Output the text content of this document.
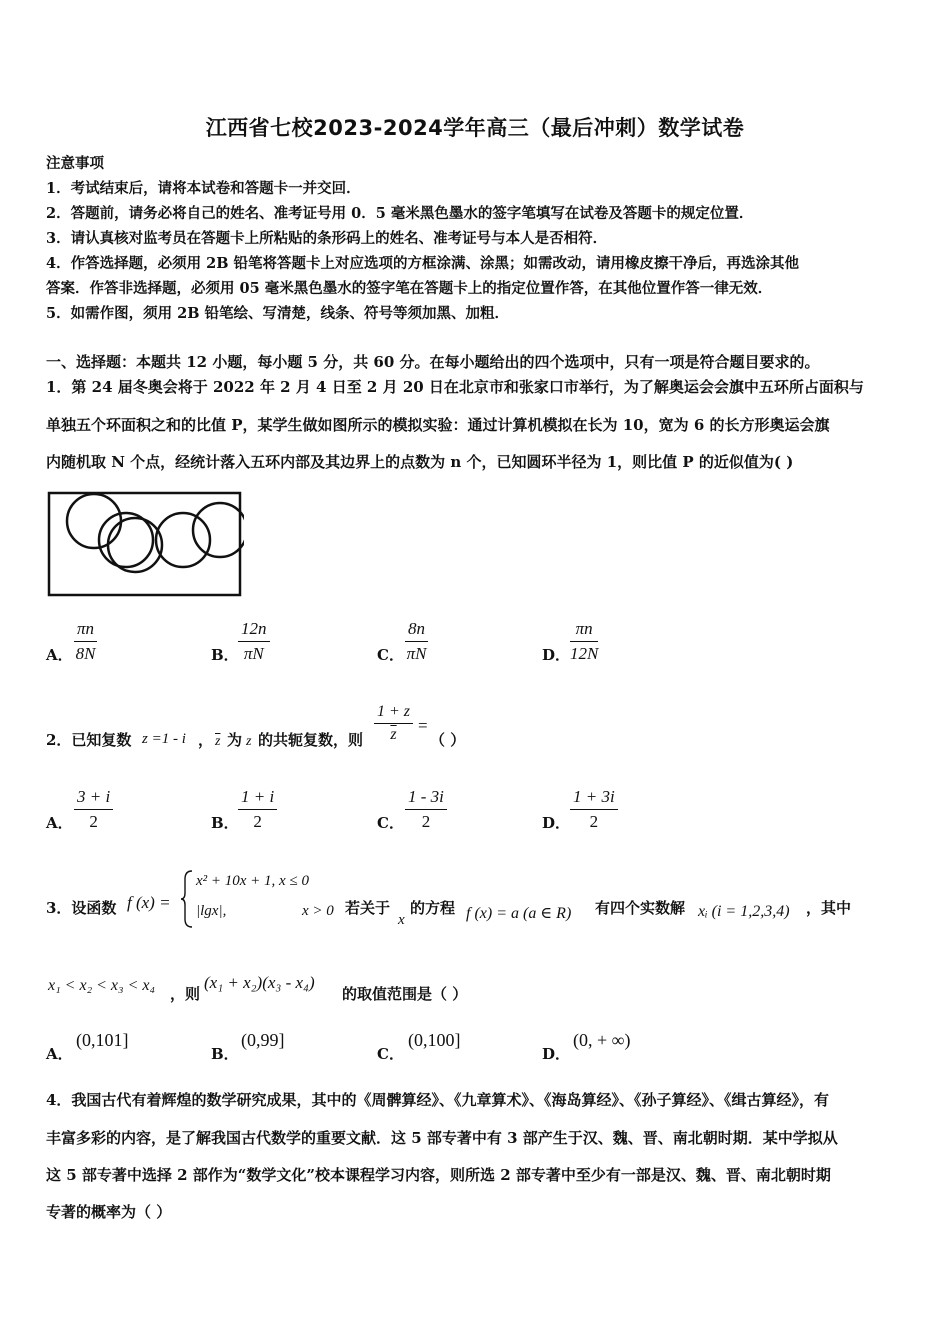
江西省七校2023-2024学年高三（最后冲刺）数学试卷
注意事项
1．考试结束后，请将本试卷和答题卡一并交回．
2．答题前，请务必将自己的姓名、准考证号用 0．5 毫米黑色墨水的签字笔填写在试卷及答题卡的规定位置．
3．请认真核对监考员在答题卡上所粘贴的条形码上的姓名、准考证号与本人是否相符．
4．作答选择题，必须用 2B 铅笔将答题卡上对应选项的方框涂满、涂黑；如需改动，请用橡皮擦干净后，再选涂其他
答案．作答非选择题，必须用 05 毫米黑色墨水的签字笔在答题卡上的指定位置作答，在其他位置作答一律无效．
5．如需作图，须用 2B 铅笔绘、写清楚，线条、符号等须加黑、加粗．
一、选择题：本题共 12 小题，每小题 5 分，共 60 分。在每小题给出的四个选项中，只有一项是符合题目要求的。
1．第 24 届冬奥会将于 2022 年 2 月 4 日至 2 月 20 日在北京市和张家口市举行，为了解奥运会会旗中五环所占面积与
单独五个环面积之和的比值 P，某学生做如图所示的模拟实验：通过计算机模拟在长为 10，宽为 6 的长方形奥运会旗
内随机取 N 个点，经统计落入五环内部及其边界上的点数为 n 个，已知圆环半径为 1，则比值 P 的近似值为( )
A． $\frac{\pi n}{8N}$	B． $\frac{12n}{\pi N}$	C． $\frac{8n}{\pi N}$	D． $\frac{\pi n}{12N}$
2．已知复数 z =1 - i ， $\overline{z}$ 为 z 的共轭复数，则 $\frac{1 + z}{z}$ =
（ ）
A． $\frac{3 + i}{2}$	B． $\frac{1 + i}{2}$	C． $\frac{1 - 3i}{2}$	D． $\frac{1 + 3i}{2}$
3．设函数 f (x) =
x² + 10x + 1, x ≤ 0
|lgx|,	x > 0 若关于
x
的方程 f (x) = a (a ∈ R) 有四个实数解 xᵢ (i = 1,2,3,4) ，其中
x₁ < x₂ < x₃ < x₄ ，则
(x₁ + x₂)(x₃ - x₄)
的取值范围是（ ）
A．
(0,101]
B．
(0,99]
C．
(0,100]
D．
(0, + ∞)
4．我国古代有着辉煌的数学研究成果，其中的《周髀算经》、《九章算术》、《海岛算经》、《孙子算经》、《缉古算经》，有
丰富多彩的内容，是了解我国古代数学的重要文献．这 5 部专著中有 3 部产生于汉、魏、晋、南北朝时期．某中学拟从
这 5 部专著中选择 2 部作为“数学文化”校本课程学习内容，则所选 2 部专著中至少有一部是汉、魏、晋、南北朝时期
专著的概率为（ ）
